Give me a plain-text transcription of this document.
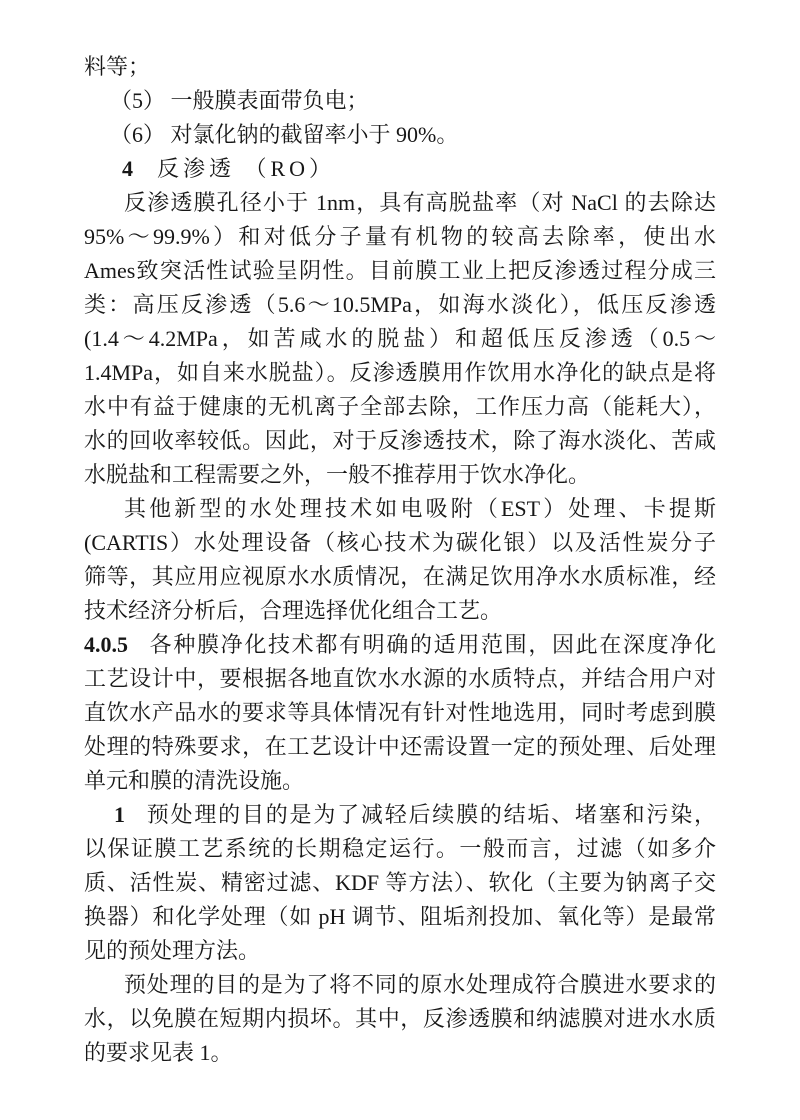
料等；
（5） 一般膜表面带负电；
（6） 对氯化钠的截留率小于 90%。
4 反渗透 （RO）
反渗透膜孔径小于 1nm，具有高脱盐率（对 NaCl 的去除达
95%～99.9%）和对低分子量有机物的较高去除率，使出水
Ames致突活性试验呈阴性。目前膜工业上把反渗透过程分成三
类：高压反渗透（5.6～10.5MPa，如海水淡化），低压反渗透
(1.4～4.2MPa，如苦咸水的脱盐）和超低压反渗透（0.5～
1.4MPa，如自来水脱盐）。反渗透膜用作饮用水净化的缺点是将
水中有益于健康的无机离子全部去除，工作压力高（能耗大），
水的回收率较低。因此，对于反渗透技术，除了海水淡化、苦咸
水脱盐和工程需要之外，一般不推荐用于饮水净化。
其他新型的水处理技术如电吸附（EST）处理、卡提斯
(CARTIS）水处理设备（核心技术为碳化银）以及活性炭分子
筛等，其应用应视原水水质情况，在满足饮用净水水质标准，经
技术经济分析后，合理选择优化组合工艺。
4.0.5 各种膜净化技术都有明确的适用范围，因此在深度净化
工艺设计中，要根据各地直饮水水源的水质特点，并结合用户对
直饮水产品水的要求等具体情况有针对性地选用，同时考虑到膜
处理的特殊要求，在工艺设计中还需设置一定的预处理、后处理
单元和膜的清洗设施。
1 预处理的目的是为了减轻后续膜的结垢、堵塞和污染，
以保证膜工艺系统的长期稳定运行。一般而言，过滤（如多介
质、活性炭、精密过滤、KDF 等方法）、软化（主要为钠离子交
换器）和化学处理（如 pH 调节、阻垢剂投加、氧化等）是最常
见的预处理方法。
预处理的目的是为了将不同的原水处理成符合膜进水要求的
水，以免膜在短期内损坏。其中，反渗透膜和纳滤膜对进水水质
的要求见表 1。
